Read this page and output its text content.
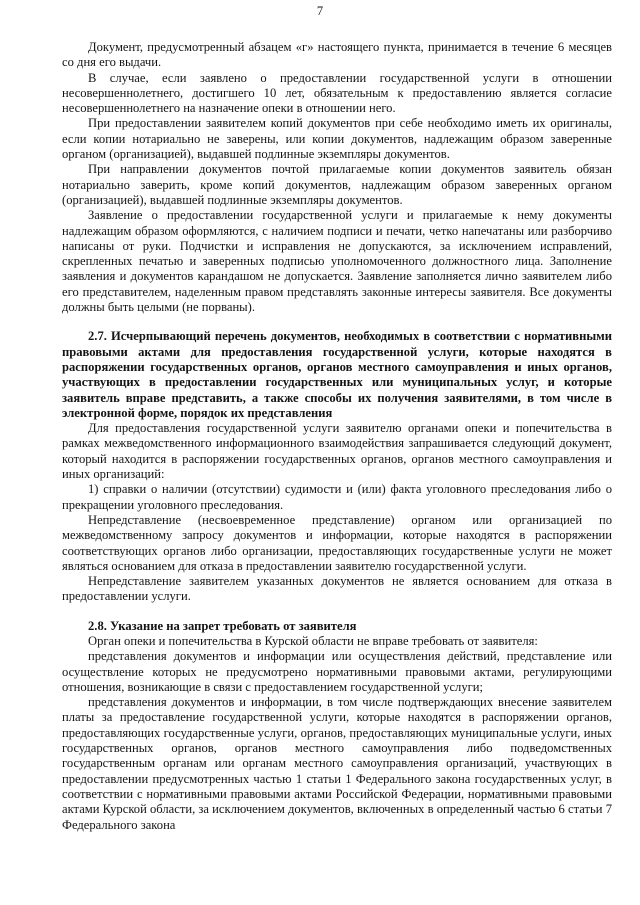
7

Документ, предусмотренный абзацем «г» настоящего пункта, принимается в течение 6 месяцев со дня его выдачи.

В случае, если заявлено о предоставлении государственной услуги в отношении несовершеннолетнего, достигшего 10 лет, обязательным к предоставлению является согласие несовершеннолетнего на назначение опеки в отношении него.

При предоставлении заявителем копий документов при себе необходимо иметь их оригиналы, если копии нотариально не заверены, или копии документов, надлежащим образом заверенные органом (организацией), выдавшей подлинные экземпляры документов.

При направлении документов почтой прилагаемые копии документов заявитель обязан нотариально заверить, кроме копий документов, надлежащим образом заверенных органом (организацией), выдавшей подлинные экземпляры документов.

Заявление о предоставлении государственной услуги и прилагаемые к нему документы надлежащим образом оформляются, с наличием подписи и печати, четко напечатаны или разборчиво написаны от руки. Подчистки и исправления не допускаются, за исключением исправлений, скрепленных печатью и заверенных подписью уполномоченного должностного лица. Заполнение заявления и документов карандашом не допускается. Заявление заполняется лично заявителем либо его представителем, наделенным правом представлять законные интересы заявителя. Все документы должны быть целыми (не порваны).

2.7. Исчерпывающий перечень документов, необходимых в соответствии с нормативными правовыми актами для предоставления государственной услуги, которые находятся в распоряжении государственных органов, органов местного самоуправления и иных органов, участвующих в предоставлении государственных или муниципальных услуг, и которые заявитель вправе представить, а также способы их получения заявителями, в том числе в электронной форме, порядок их представления

Для предоставления государственной услуги заявителю органами опеки и попечительства в рамках межведомственного информационного взаимодействия запрашивается следующий документ, который находится в распоряжении государственных органов, органов местного самоуправления и иных организаций:

1) справки о наличии (отсутствии) судимости и (или) факта уголовного преследования либо о прекращении уголовного преследования.

Непредставление (несвоевременное представление) органом или организацией по межведомственному запросу документов и информации, которые находятся в распоряжении соответствующих органов либо организации, предоставляющих государственные услуги не может являться основанием для отказа в предоставлении заявителю государственной услуги.

Непредставление заявителем указанных документов не является основанием для отказа в предоставлении услуги.

2.8. Указание на запрет требовать от заявителя

Орган опеки и попечительства в Курской области не вправе требовать от заявителя:

представления документов и информации или осуществления действий, представление или осуществление которых не предусмотрено нормативными правовыми актами, регулирующими отношения, возникающие в связи с предоставлением государственной услуги;

представления документов и информации, в том числе подтверждающих внесение заявителем платы за предоставление государственной услуги, которые находятся в распоряжении органов, предоставляющих государственные услуги, органов, предоставляющих муниципальные услуги, иных государственных органов, органов местного самоуправления либо подведомственных государственным органам или органам местного самоуправления организаций, участвующих в предоставлении предусмотренных частью 1 статьи 1 Федерального закона государственных услуг, в соответствии с нормативными правовыми актами Российской Федерации, нормативными правовыми актами Курской области, за исключением документов, включенных в определенный частью 6 статьи 7 Федерального закона
